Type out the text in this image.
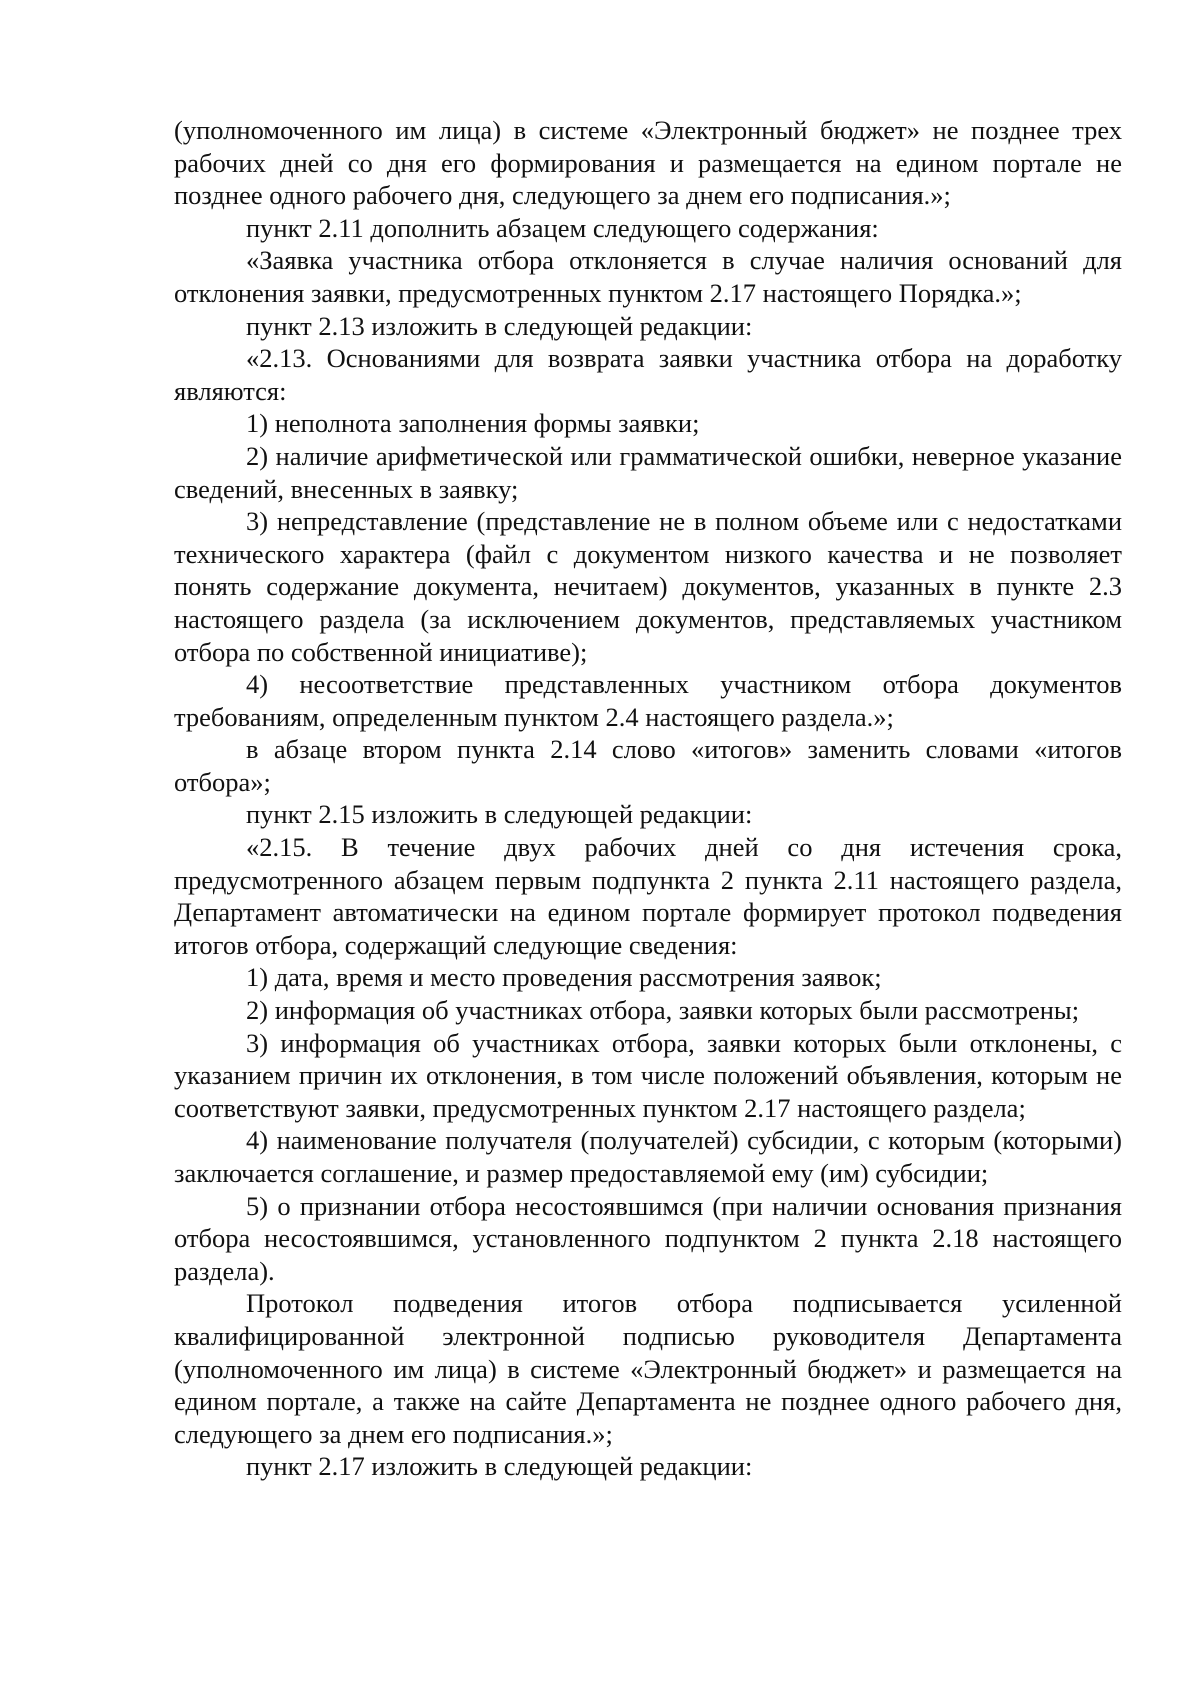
(уполномоченного им лица) в системе «Электронный бюджет» не позднее трех рабочих дней со дня его формирования и размещается на едином портале не позднее одного рабочего дня, следующего за днем его подписания.»;

пункт 2.11 дополнить абзацем следующего содержания:

«Заявка участника отбора отклоняется в случае наличия оснований для отклонения заявки, предусмотренных пунктом 2.17 настоящего Порядка.»;

пункт 2.13 изложить в следующей редакции:

«2.13. Основаниями для возврата заявки участника отбора на доработку являются:

1) неполнота заполнения формы заявки;

2) наличие арифметической или грамматической ошибки, неверное указание сведений, внесенных в заявку;

3) непредставление (представление не в полном объеме или с недостатками технического характера (файл с документом низкого качества и не позволяет понять содержание документа, нечитаем) документов, указанных в пункте 2.3 настоящего раздела (за исключением документов, представляемых участником отбора по собственной инициативе);

4) несоответствие представленных участником отбора документов требованиям, определенным пунктом 2.4 настоящего раздела.»;

в абзаце втором пункта 2.14 слово «итогов» заменить словами «итогов отбора»;

пункт 2.15 изложить в следующей редакции:

«2.15. В течение двух рабочих дней со дня истечения срока, предусмотренного абзацем первым подпункта 2 пункта 2.11 настоящего раздела, Департамент автоматически на едином портале формирует протокол подведения итогов отбора, содержащий следующие сведения:

1) дата, время и место проведения рассмотрения заявок;

2) информация об участниках отбора, заявки которых были рассмотрены;

3) информация об участниках отбора, заявки которых были отклонены, с указанием причин их отклонения, в том числе положений объявления, которым не соответствуют заявки, предусмотренных пунктом 2.17 настоящего раздела;

4) наименование получателя (получателей) субсидии, с которым (которыми) заключается соглашение, и размер предоставляемой ему (им) субсидии;

5) о признании отбора несостоявшимся (при наличии основания признания отбора несостоявшимся, установленного подпунктом 2 пункта 2.18 настоящего раздела).

Протокол подведения итогов отбора подписывается усиленной квалифицированной электронной подписью руководителя Департамента (уполномоченного им лица) в системе «Электронный бюджет» и размещается на едином портале, а также на сайте Департамента не позднее одного рабочего дня, следующего за днем его подписания.»;

пункт 2.17 изложить в следующей редакции:
